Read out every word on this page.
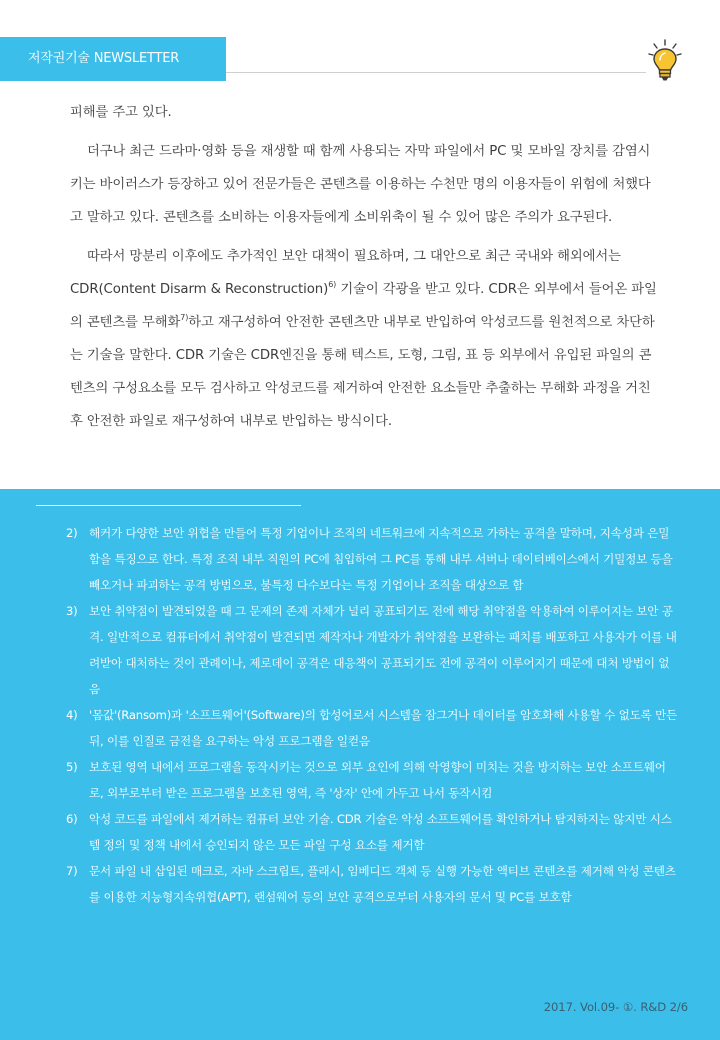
저작권기술 NEWSLETTER

피해를 주고 있다.

더구나 최근 드라마·영화 등을 재생할 때 함께 사용되는 자막 파일에서 PC 및 모바일 장치를 감염시키는 바이러스가 등장하고 있어 전문가들은 콘텐츠를 이용하는 수천만 명의 이용자들이 위험에 처했다고 말하고 있다. 콘텐츠를 소비하는 이용자들에게 소비위축이 될 수 있어 많은 주의가 요구된다.

따라서 망분리 이후에도 추가적인 보안 대책이 필요하며, 그 대안으로 최근 국내와 해외에서는 CDR(Content Disarm & Reconstruction)$^{6)}$ 기술이 각광을 받고 있다. CDR은 외부에서 들어온 파일의 콘텐츠를 무해화$^{7)}$하고 재구성하여 안전한 콘텐츠만 내부로 반입하여 악성코드를 원천적으로 차단하는 기술을 말한다. CDR 기술은 CDR엔진을 통해 텍스트, 도형, 그림, 표 등 외부에서 유입된 파일의 콘텐츠의 구성요소를 모두 검사하고 악성코드를 제거하여 안전한 요소들만 추출하는 무해화 과정을 거친 후 안전한 파일로 재구성하여 내부로 반입하는 방식이다.

2) 해커가 다양한 보안 위협을 만들어 특정 기업이나 조직의 네트워크에 지속적으로 가하는 공격을 말하며, 지속성과 은밀함을 특징으로 한다. 특정 조직 내부 직원의 PC에 침입하여 그 PC를 통해 내부 서버나 데이터베이스에서 기밀정보 등을 빼오거나 파괴하는 공격 방법으로, 불특정 다수보다는 특정 기업이나 조직을 대상으로 함
3) 보안 취약점이 발견되었을 때 그 문제의 존재 자체가 널리 공표되기도 전에 해당 취약점을 악용하여 이루어지는 보안 공격. 일반적으로 컴퓨터에서 취약점이 발견되면 제작자나 개발자가 취약점을 보완하는 패치를 배포하고 사용자가 이를 내려받아 대처하는 것이 관례이나, 제로데이 공격은 대응책이 공표되기도 전에 공격이 이루어지기 때문에 대처 방법이 없음
4) '몸값'(Ransom)과 '소프트웨어'(Software)의 합성어로서 시스템을 잠그거나 데이터를 암호화해 사용할 수 없도록 만든 뒤, 이를 인질로 금전을 요구하는 악성 프로그램을 일컫음
5) 보호된 영역 내에서 프로그램을 동작시키는 것으로 외부 요인에 의해 악영향이 미치는 것을 방지하는 보안 소프트웨어로, 외부로부터 받은 프로그램을 보호된 영역, 즉 '상자' 안에 가두고 나서 동작시킴
6) 악성 코드를 파일에서 제거하는 컴퓨터 보안 기술. CDR 기술은 악성 소프트웨어를 확인하거나 탐지하지는 않지만 시스템 정의 및 정책 내에서 승인되지 않은 모든 파일 구성 요소를 제거함
7) 문서 파일 내 삽입된 매크로, 자바 스크립트, 플래시, 임베디드 객체 등 실행 가능한 액티브 콘텐츠를 제거해 악성 콘텐츠를 이용한 지능형지속위협(APT), 랜섬웨어 등의 보안 공격으로부터 사용자의 문서 및 PC를 보호함
2017. Vol.09- ①. R&D 2/6
